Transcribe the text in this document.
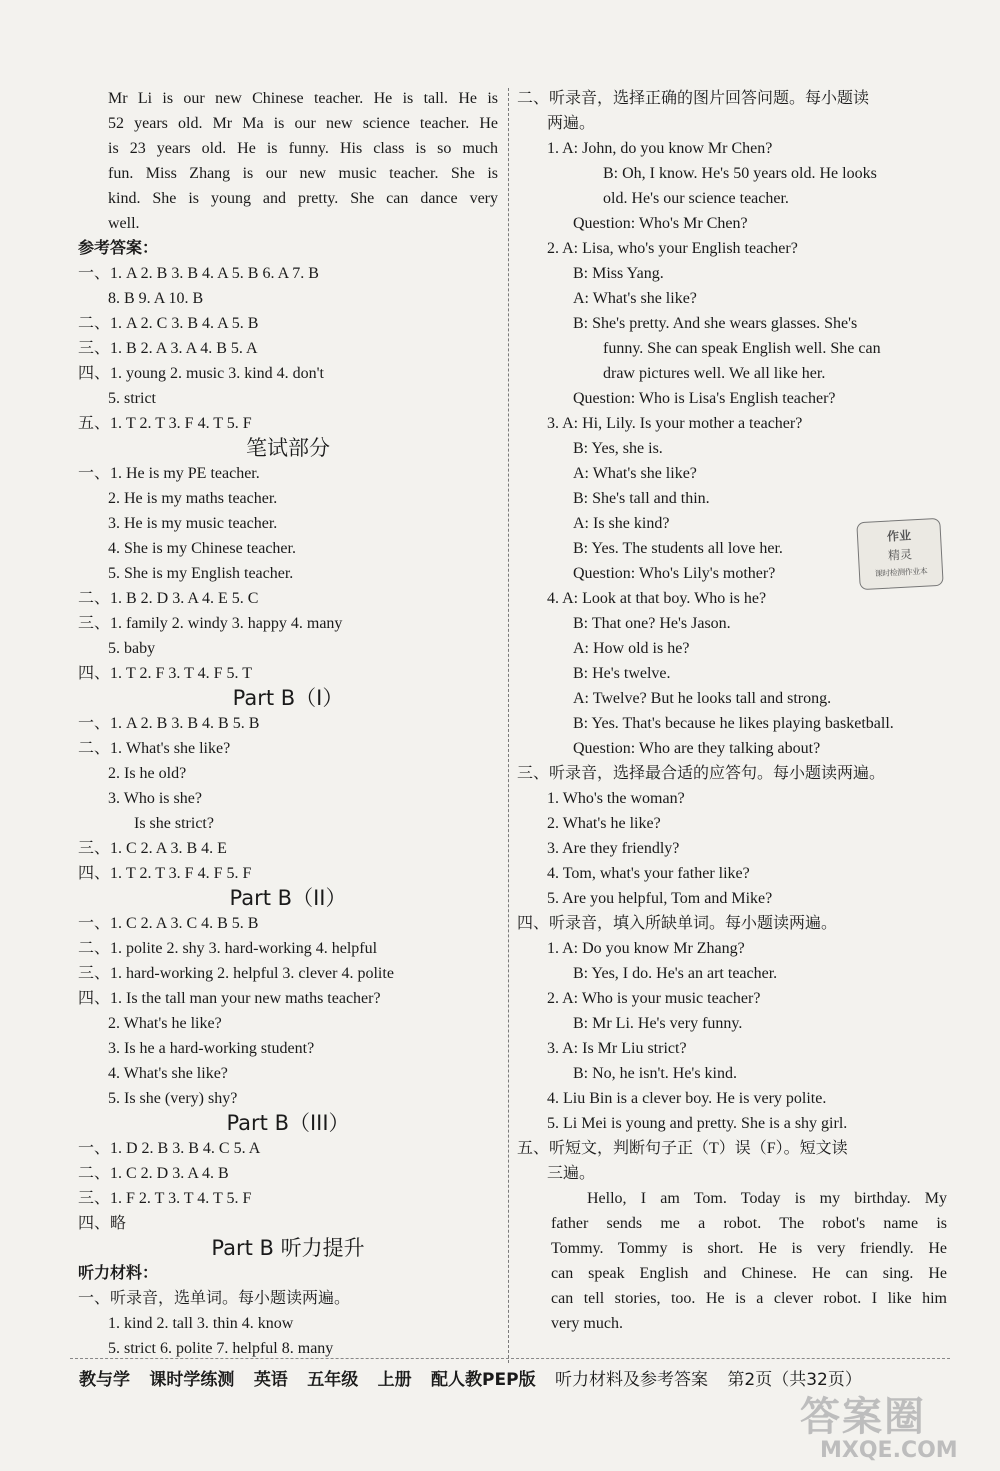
Mr Li is our new Chinese teacher. He is tall. He is
52 years old. Mr Ma is our new science teacher. He
is 23 years old. He is funny. His class is so much
fun. Miss Zhang is our new music teacher. She is
kind. She is young and pretty. She can dance very
well.
参考答案：
一、1. A 2. B 3. B 4. A 5. B 6. A 7. B
8. B 9. A 10. B
二、1. A 2. C 3. B 4. A 5. B
三、1. B 2. A 3. A 4. B 5. A
四、1. young 2. music 3. kind 4. don't
5. strict
五、1. T 2. T 3. F 4. T 5. F
笔试部分
一、1. He is my PE teacher.
2. He is my maths teacher.
3. He is my music teacher.
4. She is my Chinese teacher.
5. She is my English teacher.
二、1. B 2. D 3. A 4. E 5. C
三、1. family 2. windy 3. happy 4. many
5. baby
四、1. T 2. F 3. T 4. F 5. T
Part B（I）
一、1. A 2. B 3. B 4. B 5. B
二、1. What's she like?
2. Is he old?
3. Who is she?
Is she strict?
三、1. C 2. A 3. B 4. E
四、1. T 2. T 3. F 4. F 5. F
Part B（II）
一、1. C 2. A 3. C 4. B 5. B
二、1. polite 2. shy 3. hard-working 4. helpful
三、1. hard-working 2. helpful 3. clever 4. polite
四、1. Is the tall man your new maths teacher?
2. What's he like?
3. Is he a hard-working student?
4. What's she like?
5. Is she (very) shy?
Part B（III）
一、1. D 2. B 3. B 4. C 5. A
二、1. C 2. D 3. A 4. B
三、1. F 2. T 3. T 4. T 5. F
四、略
Part B 听力提升
听力材料：
一、听录音，选单词。每小题读两遍。
1. kind 2. tall 3. thin 4. know
5. strict 6. polite 7. helpful 8. many
二、听录音，选择正确的图片回答问题。每小题读
两遍。
1. A: John, do you know Mr Chen?
B: Oh, I know. He's 50 years old. He looks
old. He's our science teacher.
Question: Who's Mr Chen?
2. A: Lisa, who's your English teacher?
B: Miss Yang.
A: What's she like?
B: She's pretty. And she wears glasses. She's
funny. She can speak English well. She can
draw pictures well. We all like her.
Question: Who is Lisa's English teacher?
3. A: Hi, Lily. Is your mother a teacher?
B: Yes, she is.
A: What's she like?
B: She's tall and thin.
A: Is she kind?
B: Yes. The students all love her.
Question: Who's Lily's mother?
4. A: Look at that boy. Who is he?
B: That one? He's Jason.
A: How old is he?
B: He's twelve.
A: Twelve? But he looks tall and strong.
B: Yes. That's because he likes playing basketball.
Question: Who are they talking about?
三、听录音，选择最合适的应答句。每小题读两遍。
1. Who's the woman?
2. What's he like?
3. Are they friendly?
4. Tom, what's your father like?
5. Are you helpful, Tom and Mike?
四、听录音，填入所缺单词。每小题读两遍。
1. A: Do you know Mr Zhang?
B: Yes, I do. He's an art teacher.
2. A: Who is your music teacher?
B: Mr Li. He's very funny.
3. A: Is Mr Liu strict?
B: No, he isn't. He's kind.
4. Liu Bin is a clever boy. He is very polite.
5. Li Mei is young and pretty. She is a shy girl.
五、听短文，判断句子正（T）误（F）。短文读
三遍。
Hello, I am Tom. Today is my birthday. My
father sends me a robot. The robot's name is
Tommy. Tommy is short. He is very friendly. He
can speak English and Chinese. He can sing. He
can tell stories, too. He is a clever robot. I like him
very much.
作业
精灵
课时检测作业本
教与学 课时学练测 英语 五年级 上册 配人教PEP版 听力材料及参考答案 第2页（共32页）
答案圈
MXQE.COM
